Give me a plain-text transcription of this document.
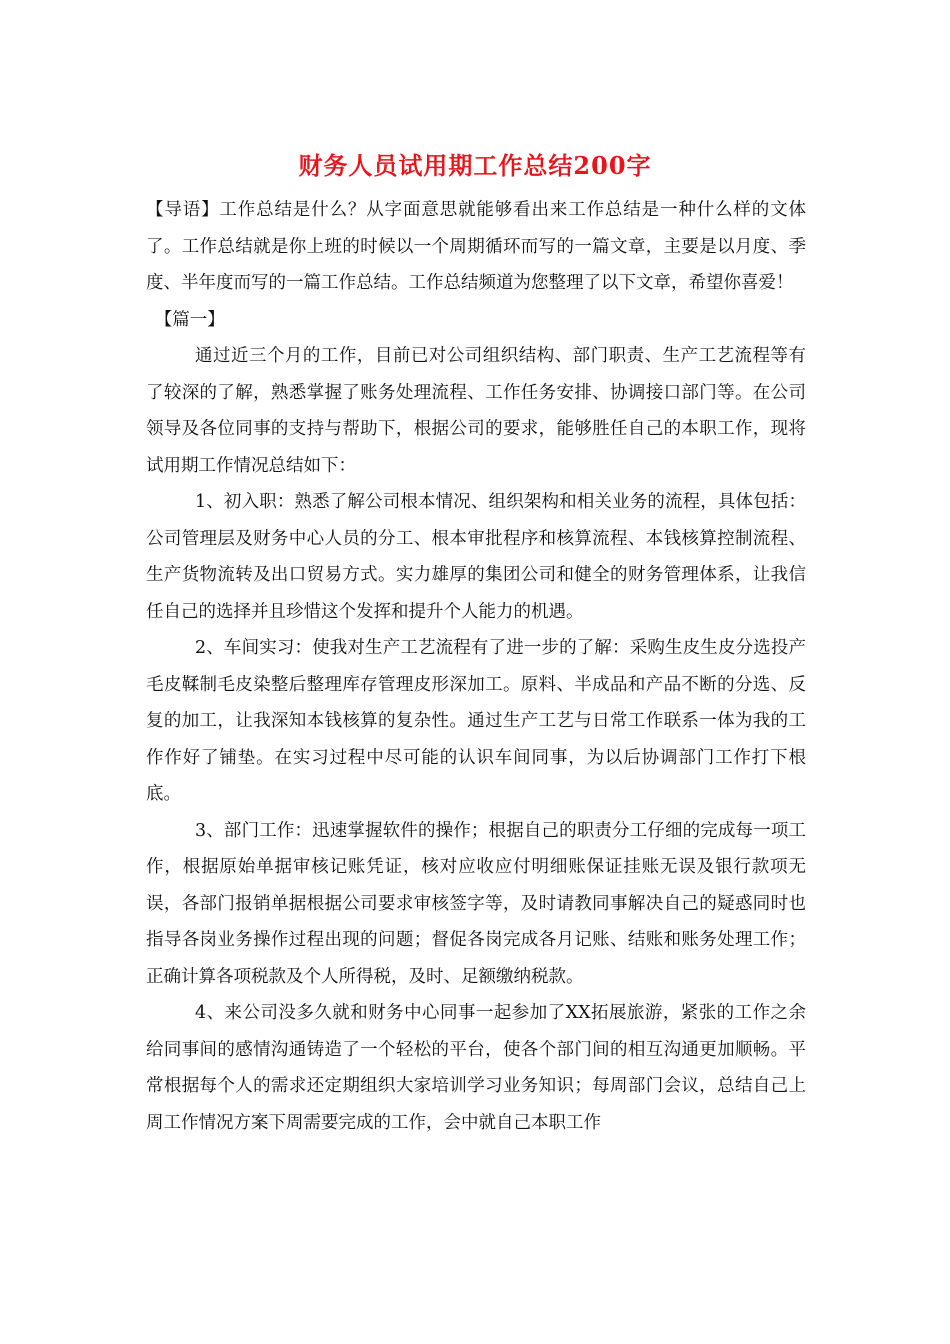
财务人员试用期工作总结200字

【导语】工作总结是什么？从字面意思就能够看出来工作总结是一种什么样的文体了。工作总结就是你上班的时候以一个周期循环而写的一篇文章，主要是以月度、季度、半年度而写的一篇工作总结。工作总结频道为您整理了以下文章，希望你喜爱！

【篇一】

通过近三个月的工作，目前已对公司组织结构、部门职责、生产工艺流程等有了较深的了解，熟悉掌握了账务处理流程、工作任务安排、协调接口部门等。在公司领导及各位同事的支持与帮助下，根据公司的要求，能够胜任自己的本职工作，现将试用期工作情况总结如下：

1、初入职：熟悉了解公司根本情况、组织架构和相关业务的流程，具体包括：公司管理层及财务中心人员的分工、根本审批程序和核算流程、本钱核算控制流程、生产货物流转及出口贸易方式。实力雄厚的集团公司和健全的财务管理体系，让我信任自己的选择并且珍惜这个发挥和提升个人能力的机遇。

2、车间实习：使我对生产工艺流程有了进一步的了解：采购生皮生皮分选投产毛皮鞣制毛皮染整后整理库存管理皮形深加工。原料、半成品和产品不断的分选、反复的加工，让我深知本钱核算的复杂性。通过生产工艺与日常工作联系一体为我的工作作好了铺垫。在实习过程中尽可能的认识车间同事，为以后协调部门工作打下根底。

3、部门工作：迅速掌握软件的操作；根据自己的职责分工仔细的完成每一项工作，根据原始单据审核记账凭证，核对应收应付明细账保证挂账无误及银行款项无误，各部门报销单据根据公司要求审核签字等，及时请教同事解决自己的疑惑同时也指导各岗业务操作过程出现的问题；督促各岗完成各月记账、结账和账务处理工作；正确计算各项税款及个人所得税，及时、足额缴纳税款。

4、来公司没多久就和财务中心同事一起参加了XX拓展旅游，紧张的工作之余给同事间的感情沟通铸造了一个轻松的平台，使各个部门间的相互沟通更加顺畅。平常根据每个人的需求还定期组织大家培训学习业务知识；每周部门会议，总结自己上周工作情况方案下周需要完成的工作，会中就自己本职工作
